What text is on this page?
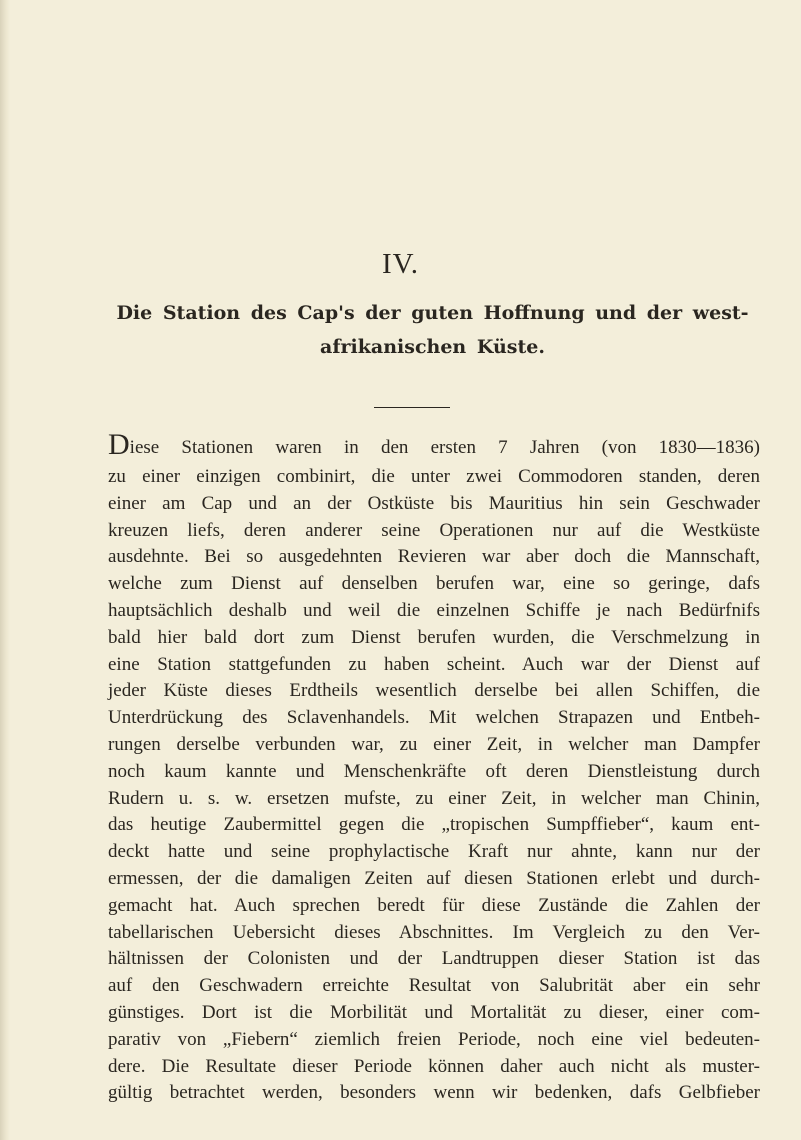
IV.
Die Station des Cap's der guten Hoffnung und der west-
afrikanischen Küste.
Diese Stationen waren in den ersten 7 Jahren (von 1830—1836)
zu einer einzigen combinirt, die unter zwei Commodoren standen, deren
einer am Cap und an der Ostküste bis Mauritius hin sein Geschwader
kreuzen liefs, deren anderer seine Operationen nur auf die Westküste
ausdehnte. Bei so ausgedehnten Revieren war aber doch die Mannschaft,
welche zum Dienst auf denselben berufen war, eine so geringe, dafs
hauptsächlich deshalb und weil die einzelnen Schiffe je nach Bedürfnifs
bald hier bald dort zum Dienst berufen wurden, die Verschmelzung in
eine Station stattgefunden zu haben scheint. Auch war der Dienst auf
jeder Küste dieses Erdtheils wesentlich derselbe bei allen Schiffen, die
Unterdrückung des Sclavenhandels. Mit welchen Strapazen und Entbeh-
rungen derselbe verbunden war, zu einer Zeit, in welcher man Dampfer
noch kaum kannte und Menschenkräfte oft deren Dienstleistung durch
Rudern u. s. w. ersetzen mufste, zu einer Zeit, in welcher man Chinin,
das heutige Zaubermittel gegen die „tropischen Sumpffieber“, kaum ent-
deckt hatte und seine prophylactische Kraft nur ahnte, kann nur der
ermessen, der die damaligen Zeiten auf diesen Stationen erlebt und durch-
gemacht hat. Auch sprechen beredt für diese Zustände die Zahlen der
tabellarischen Uebersicht dieses Abschnittes. Im Vergleich zu den Ver-
hältnissen der Colonisten und der Landtruppen dieser Station ist das
auf den Geschwadern erreichte Resultat von Salubrität aber ein sehr
günstiges. Dort ist die Morbilität und Mortalität zu dieser, einer com-
parativ von „Fiebern“ ziemlich freien Periode, noch eine viel bedeuten-
dere. Die Resultate dieser Periode können daher auch nicht als muster-
gültig betrachtet werden, besonders wenn wir bedenken, dafs Gelbfieber
